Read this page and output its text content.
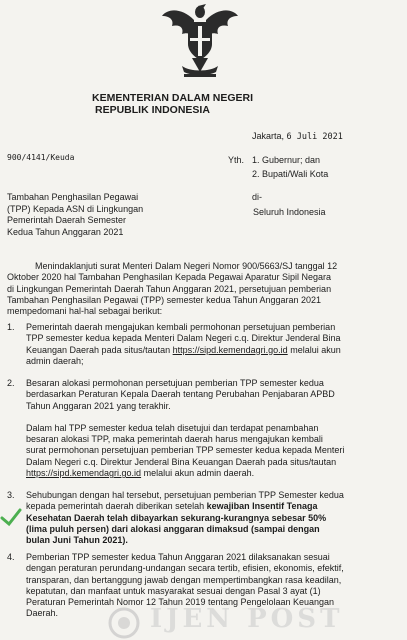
KEMENTERIAN DALAM NEGERI
REPUBLIK INDONESIA
Jakarta, 6 Juli 2021
900/4141/Keuda	Yth. 1. Gubernur; dan
2. Bupati/Wali Kota
Tambahan Penghasilan Pegawai
(TPP) Kepada ASN di Lingkungan
Pemerintah Daerah Semester
Kedua Tahun Anggaran 2021
di-
Seluruh Indonesia
Menindaklanjuti surat Menteri Dalam Negeri Nomor 900/5663/SJ tanggal 12
Oktober 2020 hal Tambahan Penghasilan Kepada Pegawai Aparatur Sipil Negara
di Lingkungan Pemerintah Daerah Tahun Anggaran 2021, persetujuan pemberian
Tambahan Penghasilan Pegawai (TPP) semester kedua Tahun Anggaran 2021
mempedomani hal-hal sebagai berikut:
1. Pemerintah daerah mengajukan kembali permohonan persetujuan pemberian
TPP semester kedua kepada Menteri Dalam Negeri c.q. Direktur Jenderal Bina
Keuangan Daerah pada situs/tautan https://sipd.kemendagri.go.id melalui akun
admin daerah;
2. Besaran alokasi permohonan persetujuan pemberian TPP semester kedua
berdasarkan Peraturan Kepala Daerah tentang Perubahan Penjabaran APBD
Tahun Anggaran 2021 yang terakhir.
Dalam hal TPP semester kedua telah disetujui dan terdapat penambahan
besaran alokasi TPP, maka pemerintah daerah harus mengajukan kembali
surat permohonan persetujuan pemberian TPP semester kedua kepada Menteri
Dalam Negeri c.q. Direktur Jenderal Bina Keuangan Daerah pada situs/tautan
https://sipd.kemendagri.go.id melalui akun admin daerah.
3. Sehubungan dengan hal tersebut, persetujuan pemberian TPP Semester kedua
kepada pemerintah daerah diberikan setelah kewajiban Insentif Tenaga
Kesehatan Daerah telah dibayarkan sekurang-kurangnya sebesar 50%
(lima puluh persen) dari alokasi anggaran dimaksud (sampai dengan
bulan Juni Tahun 2021).
4. Pemberian TPP semester kedua Tahun Anggaran 2021 dilaksanakan sesuai
dengan peraturan perundang-undangan secara tertib, efisien, ekonomis, efektif,
transparan, dan bertanggung jawab dengan mempertimbangkan rasa keadilan,
kepatutan, dan manfaat untuk masyarakat sesuai dengan Pasal 3 ayat (1)
Peraturan Pemerintah Nomor 12 Tahun 2019 tentang Pengelolaan Keuangan
Daerah.	IJEN POST
